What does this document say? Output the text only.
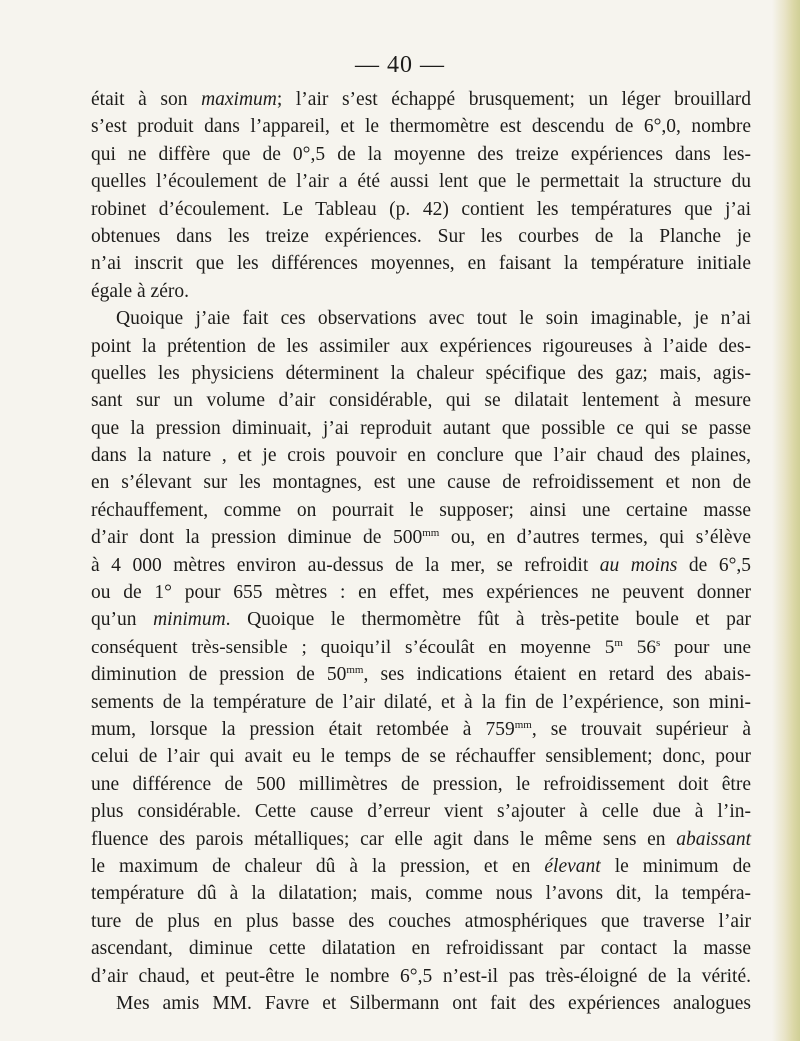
— 40 —
était à son maximum; l’air s’est échappé brusquement; un léger brouillard
s’est produit dans l’appareil, et le thermomètre est descendu de 6°,0, nombre
qui ne diffère que de 0°,5 de la moyenne des treize expériences dans les-
quelles l’écoulement de l’air a été aussi lent que le permettait la structure du
robinet d’écoulement. Le Tableau (p. 42) contient les températures que j’ai
obtenues dans les treize expériences. Sur les courbes de la Planche je
n’ai inscrit que les différences moyennes, en faisant la température initiale
égale à zéro.
Quoique j’aie fait ces observations avec tout le soin imaginable, je n’ai
point la prétention de les assimiler aux expériences rigoureuses à l’aide des-
quelles les physiciens déterminent la chaleur spécifique des gaz; mais, agis-
sant sur un volume d’air considérable, qui se dilatait lentement à mesure
que la pression diminuait, j’ai reproduit autant que possible ce qui se passe
dans la nature , et je crois pouvoir en conclure que l’air chaud des plaines,
en s’élevant sur les montagnes, est une cause de refroidissement et non de
réchauffement, comme on pourrait le supposer; ainsi une certaine masse
d’air dont la pression diminue de $500^{mm}$ ou, en d’autres termes, qui s’élève
à 4 000 mètres environ au-dessus de la mer, se refroidit au moins de 6°,5
ou de 1° pour 655 mètres : en effet, mes expériences ne peuvent donner
qu’un minimum. Quoique le thermomètre fût à très-petite boule et par
conséquent très-sensible ; quoiqu’il s’écoulât en moyenne 5$^m$ 56$^s$ pour une
diminution de pression de $50^{mm}$, ses indications étaient en retard des abais-
sements de la température de l’air dilaté, et à la fin de l’expérience, son mini-
mum, lorsque la pression était retombée à $759^{mm}$, se trouvait supérieur à
celui de l’air qui avait eu le temps de se réchauffer sensiblement; donc, pour
une différence de 500 millimètres de pression, le refroidissement doit être
plus considérable. Cette cause d’erreur vient s’ajouter à celle due à l’in-
fluence des parois métalliques; car elle agit dans le même sens en abaissant
le maximum de chaleur dû à la pression, et en élevant le minimum de
température dû à la dilatation; mais, comme nous l’avons dit, la tempéra-
ture de plus en plus basse des couches atmosphériques que traverse l’air
ascendant, diminue cette dilatation en refroidissant par contact la masse
d’air chaud, et peut-être le nombre 6°,5 n’est-il pas très-éloigné de la vérité.
Mes amis MM. Favre et Silbermann ont fait des expériences analogues
